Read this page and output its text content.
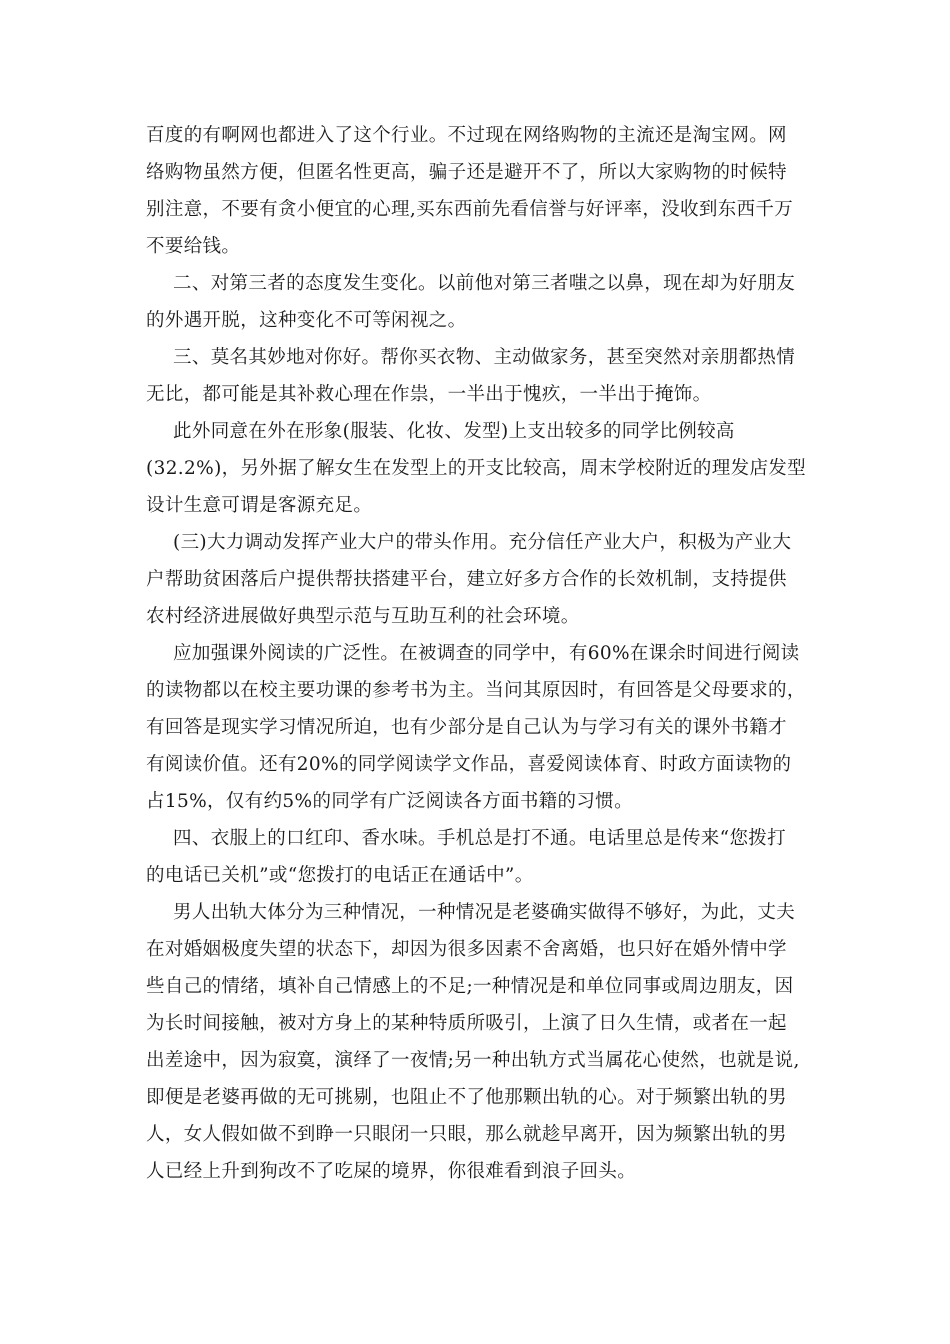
百度的有啊网也都进入了这个行业。不过现在网络购物的主流还是淘宝网。网
络购物虽然方便，但匿名性更高，骗子还是避开不了，所以大家购物的时候特
别注意，不要有贪小便宜的心理,买东西前先看信誉与好评率，没收到东西千万
不要给钱。
二、对第三者的态度发生变化。以前他对第三者嗤之以鼻，现在却为好朋友
的外遇开脱，这种变化不可等闲视之。
三、莫名其妙地对你好。帮你买衣物、主动做家务，甚至突然对亲朋都热情
无比，都可能是其补救心理在作祟，一半出于愧疚，一半出于掩饰。
此外同意在外在形象(服装、化妆、发型)上支出较多的同学比例较高
(32.2%)，另外据了解女生在发型上的开支比较高，周末学校附近的理发店发型
设计生意可谓是客源充足。
(三)大力调动发挥产业大户的带头作用。充分信任产业大户，积极为产业大
户帮助贫困落后户提供帮扶搭建平台，建立好多方合作的长效机制，支持提供
农村经济进展做好典型示范与互助互利的社会环境。
应加强课外阅读的广泛性。在被调查的同学中，有60%在课余时间进行阅读
的读物都以在校主要功课的参考书为主。当问其原因时，有回答是父母要求的，
有回答是现实学习情况所迫，也有少部分是自己认为与学习有关的课外书籍才
有阅读价值。还有20%的同学阅读学文作品，喜爱阅读体育、时政方面读物的
占15%，仅有约5%的同学有广泛阅读各方面书籍的习惯。
四、衣服上的口红印、香水味。手机总是打不通。电话里总是传来“您拨打
的电话已关机”或“您拨打的电话正在通话中”。
男人出轨大体分为三种情况，一种情况是老婆确实做得不够好，为此，丈夫
在对婚姻极度失望的状态下，却因为很多因素不舍离婚，也只好在婚外情中学
些自己的情绪，填补自己情感上的不足;一种情况是和单位同事或周边朋友，因
为长时间接触，被对方身上的某种特质所吸引，上演了日久生情，或者在一起
出差途中，因为寂寞，演绎了一夜情;另一种出轨方式当属花心使然，也就是说,
即便是老婆再做的无可挑剔，也阻止不了他那颗出轨的心。对于频繁出轨的男
人，女人假如做不到睁一只眼闭一只眼，那么就趁早离开，因为频繁出轨的男
人已经上升到狗改不了吃屎的境界，你很难看到浪子回头。
